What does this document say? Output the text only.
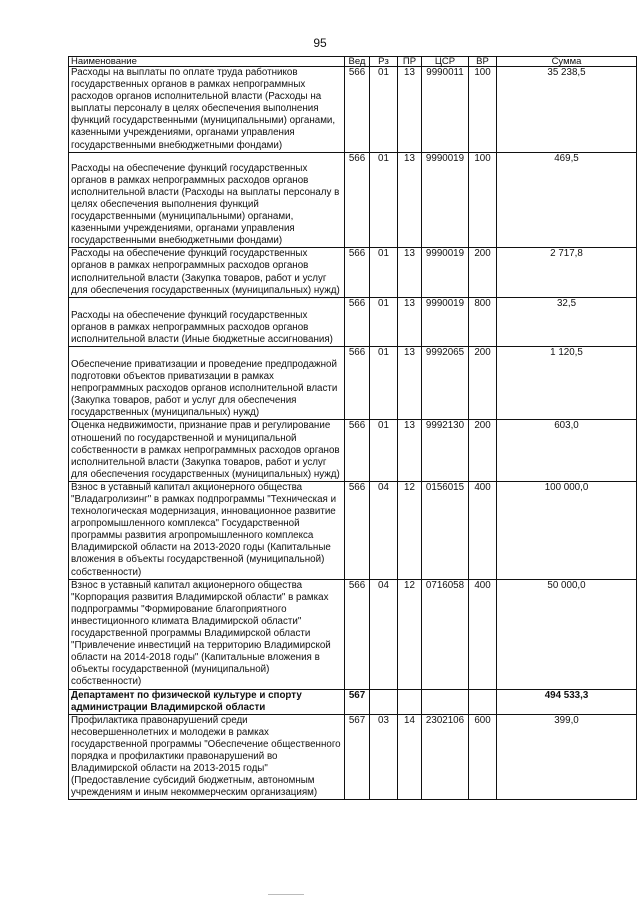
95
Наименование	Вед	Рз	ПР	ЦСР	ВР	Сумма
Расходы на выплаты по оплате труда работников государственных органов в рамках непрограммных расходов органов исполнительной власти (Расходы на выплаты персоналу в целях обеспечения выполнения функций государственными (муниципальными) органами, казенными учреждениями, органами управления государственными внебюджетными фондами)	566	01	13	9990011	100	35 238,5
Расходы на обеспечение функций государственных органов в рамках непрограммных расходов органов исполнительной власти (Расходы на выплаты персоналу в целях обеспечения выполнения функций государственными (муниципальными) органами, казенными учреждениями, органами управления государственными внебюджетными фондами)	566	01	13	9990019	100	469,5
Расходы на обеспечение функций государственных органов в рамках непрограммных расходов органов исполнительной власти (Закупка товаров, работ и услуг для обеспечения государственных (муниципальных) нужд)	566	01	13	9990019	200	2 717,8
Расходы на обеспечение функций государственных органов в рамках непрограммных расходов органов исполнительной власти (Иные бюджетные ассигнования)	566	01	13	9990019	800	32,5
Обеспечение приватизации и проведение предпродажной подготовки объектов приватизации в рамках непрограммных расходов органов исполнительной власти (Закупка товаров, работ и услуг для обеспечения государственных (муниципальных) нужд)	566	01	13	9992065	200	1 120,5
Оценка недвижимости, признание прав и регулирование отношений по государственной и муниципальной собственности в рамках непрограммных расходов органов исполнительной власти (Закупка товаров, работ и услуг для обеспечения государственных (муниципальных) нужд)	566	01	13	9992130	200	603,0
Взнос в уставный капитал акционерного общества "Владагролизинг" в рамках подпрограммы "Техническая и технологическая модернизация, инновационное развитие агропромышленного комплекса" Государственной программы развития агропромышленного комплекса Владимирской области на 2013-2020 годы (Капитальные вложения в объекты государственной (муниципальной) собственности)	566	04	12	0156015	400	100 000,0
Взнос в уставный капитал акционерного общества "Корпорация развития Владимирской области" в рамках подпрограммы "Формирование благоприятного инвестиционного климата Владимирской области" государственной программы Владимирской области "Привлечение инвестиций на территорию Владимирской области на 2014-2018 годы" (Капитальные вложения в объекты государственной (муниципальной) собственности)	566	04	12	0716058	400	50 000,0
Департамент по физической культуре и спорту администрации Владимирской области	567					494 533,3
Профилактика правонарушений среди несовершеннолетних и молодежи в рамках государственной программы "Обеспечение общественного порядка и профилактики правонарушений во Владимирской области на 2013-2015 годы" (Предоставление субсидий бюджетным, автономным учреждениям и иным некоммерческим организациям)	567	03	14	2302106	600	399,0
